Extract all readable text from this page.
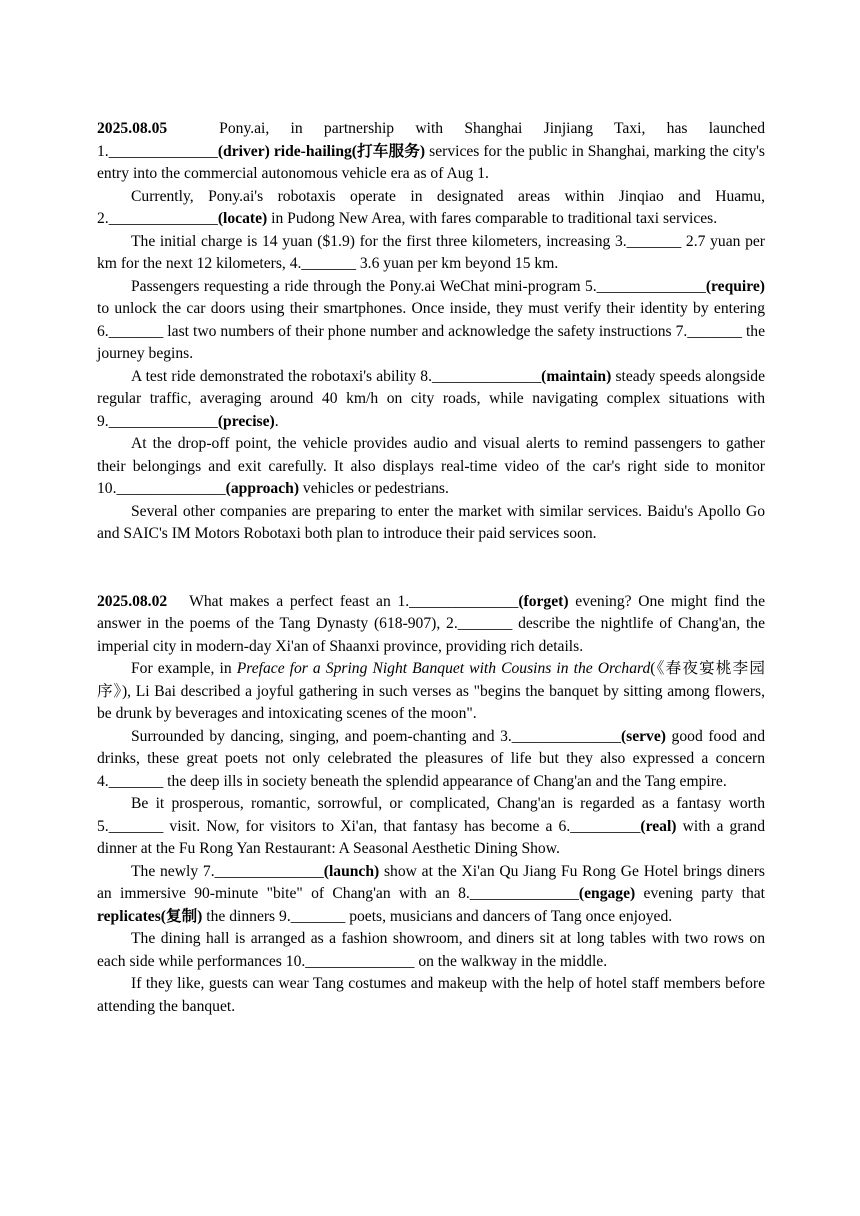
2025.08.05	Pony.ai, in partnership with Shanghai Jinjiang Taxi, has launched 1.______________(driver) ride-hailing(打车服务) services for the public in Shanghai, marking the city's entry into the commercial autonomous vehicle era as of Aug 1.

Currently, Pony.ai's robotaxis operate in designated areas within Jinqiao and Huamu, 2.______________(locate) in Pudong New Area, with fares comparable to traditional taxi services.

The initial charge is 14 yuan ($1.9) for the first three kilometers, increasing 3._______ 2.7 yuan per km for the next 12 kilometers, 4._______ 3.6 yuan per km beyond 15 km.

Passengers requesting a ride through the Pony.ai WeChat mini-program 5.______________(require) to unlock the car doors using their smartphones. Once inside, they must verify their identity by entering 6._______ last two numbers of their phone number and acknowledge the safety instructions 7._______ the journey begins.

A test ride demonstrated the robotaxi's ability 8.______________(maintain) steady speeds alongside regular traffic, averaging around 40 km/h on city roads, while navigating complex situations with 9.______________(precise).

At the drop-off point, the vehicle provides audio and visual alerts to remind passengers to gather their belongings and exit carefully. It also displays real-time video of the car's right side to monitor 10.______________(approach) vehicles or pedestrians.

Several other companies are preparing to enter the market with similar services. Baidu's Apollo Go and SAIC's IM Motors Robotaxi both plan to introduce their paid services soon.

2025.08.02 What makes a perfect feast an 1.______________(forget) evening? One might find the answer in the poems of the Tang Dynasty (618-907), 2._______ describe the nightlife of Chang'an, the imperial city in modern-day Xi'an of Shaanxi province, providing rich details.

For example, in Preface for a Spring Night Banquet with Cousins in the Orchard(《春夜宴桃李园序》), Li Bai described a joyful gathering in such verses as "begins the banquet by sitting among flowers, be drunk by beverages and intoxicating scenes of the moon".

Surrounded by dancing, singing, and poem-chanting and 3.______________(serve) good food and drinks, these great poets not only celebrated the pleasures of life but they also expressed a concern 4._______ the deep ills in society beneath the splendid appearance of Chang'an and the Tang empire.

Be it prosperous, romantic, sorrowful, or complicated, Chang'an is regarded as a fantasy worth 5._______ visit. Now, for visitors to Xi'an, that fantasy has become a 6._________(real) with a grand dinner at the Fu Rong Yan Restaurant: A Seasonal Aesthetic Dining Show.

The newly 7.______________(launch) show at the Xi'an Qu Jiang Fu Rong Ge Hotel brings diners an immersive 90-minute "bite" of Chang'an with an 8.______________(engage) evening party that replicates(复制) the dinners 9._______ poets, musicians and dancers of Tang once enjoyed.

The dining hall is arranged as a fashion showroom, and diners sit at long tables with two rows on each side while performances 10.______________ on the walkway in the middle.

If they like, guests can wear Tang costumes and makeup with the help of hotel staff members before attending the banquet.
